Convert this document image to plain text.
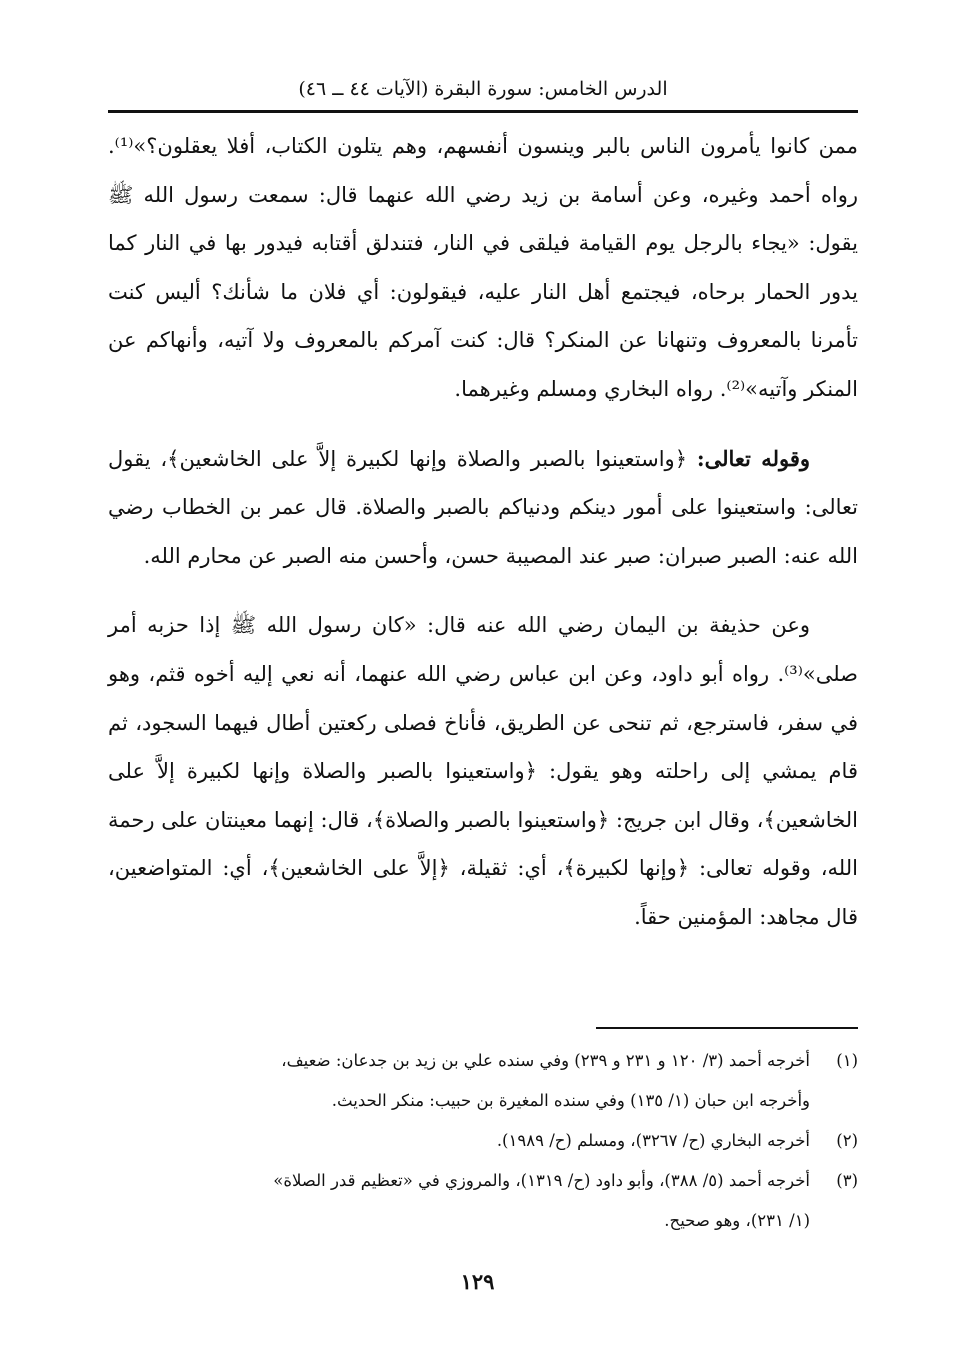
الدرس الخامس: سورة البقرة (الآيات ٤٤ ــ ٤٦)

ممن كانوا يأمرون الناس بالبر وينسون أنفسهم، وهم يتلون الكتاب، أفلا يعقلون؟»⁽¹⁾. رواه أحمد وغيره، وعن أسامة بن زيد رضي الله عنهما قال: سمعت رسول الله ﷺ يقول: «يجاء بالرجل يوم القيامة فيلقى في النار، فتندلق أقتابه فيدور بها في النار كما يدور الحمار برحاه، فيجتمع أهل النار عليه، فيقولون: أي فلان ما شأنك؟ أليس كنت تأمرنا بالمعروف وتنهانا عن المنكر؟ قال: كنت آمركم بالمعروف ولا آتيه، وأنهاكم عن المنكر وآتيه»⁽²⁾. رواه البخاري ومسلم وغيرهما.

وقوله تعالى: ﴿واستعينوا بالصبر والصلاة وإنها لكبيرة إلاَّ على الخاشعين﴾، يقول تعالى: واستعينوا على أمور دينكم ودنياكم بالصبر والصلاة. قال عمر بن الخطاب رضي الله عنه: الصبر صبران: صبر عند المصيبة حسن، وأحسن منه الصبر عن محارم الله.

وعن حذيفة بن اليمان رضي الله عنه قال: «كان رسول الله ﷺ إذا حزبه أمر صلى»⁽³⁾. رواه أبو داود، وعن ابن عباس رضي الله عنهما، أنه نعي إليه أخوه قثم، وهو في سفر، فاسترجع، ثم تنحى عن الطريق، فأناخ فصلى ركعتين أطال فيهما السجود، ثم قام يمشي إلى راحلته وهو يقول: ﴿واستعينوا بالصبر والصلاة وإنها لكبيرة إلاَّ على الخاشعين﴾، وقال ابن جريج: ﴿واستعينوا بالصبر والصلاة﴾، قال: إنهما معينتان على رحمة الله، وقوله تعالى: ﴿وإنها لكبيرة﴾، أي: ثقيلة، ﴿إلاَّ على الخاشعين﴾، أي: المتواضعين، قال مجاهد: المؤمنين حقاً.

(١)
أخرجه أحمد (٣/ ١٢٠ و ٢٣١ و ٢٣٩) وفي سنده علي بن زيد بن جدعان: ضعيف،
وأخرجه ابن حبان (١/ ١٣٥) وفي سنده المغيرة بن حبيب: منكر الحديث.
(٢)
أخرجه البخاري (ح/ ٣٢٦٧)، ومسلم (ح/ ١٩٨٩).
(٣)
أخرجه أحمد (٥/ ٣٨٨)، وأبو داود (ح/ ١٣١٩)، والمروزي في «تعظيم قدر الصلاة»
(١/ ٢٣١)، وهو صحيح.
١٢٩
